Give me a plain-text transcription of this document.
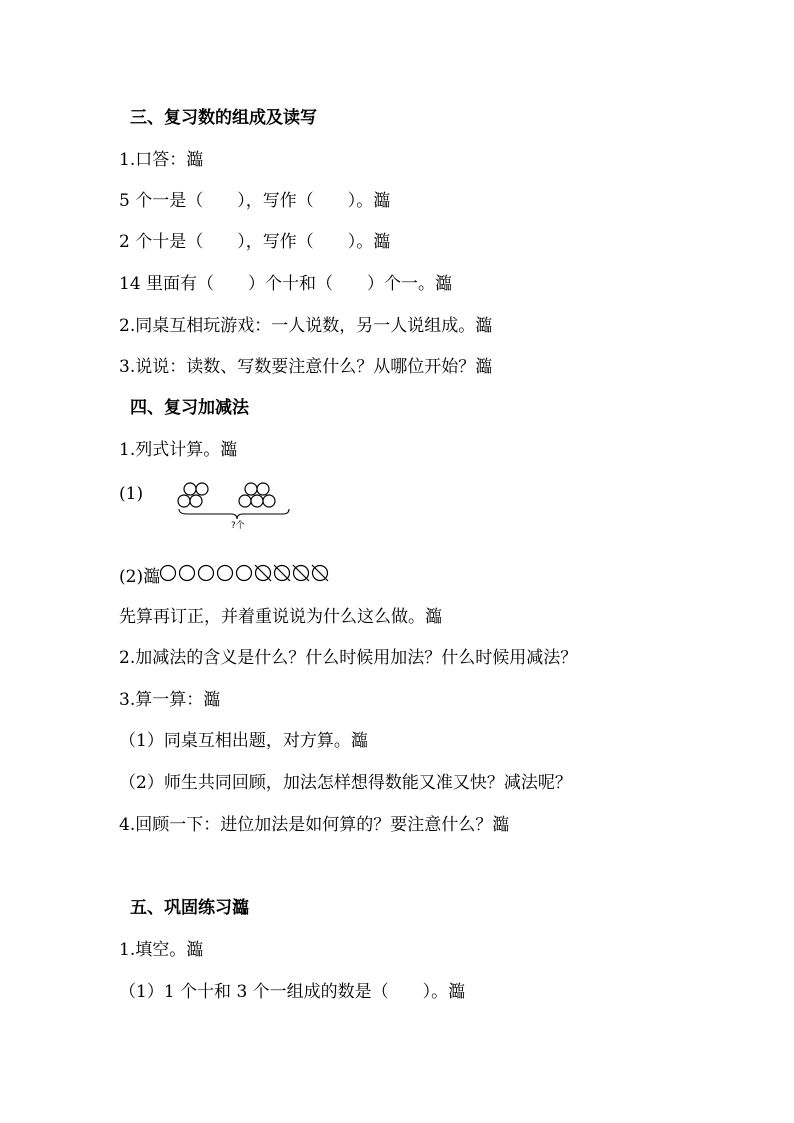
三、复习数的组成及读写
1.口答：瀶
5 个一是（　　），写作（　　）。瀶
2 个十是（　　），写作（　　）。瀶
14 里面有（　　）个十和（　　）个一。瀶
2.同桌互相玩游戏：一人说数，另一人说组成。瀶
3.说说：读数、写数要注意什么？从哪位开始？瀶
四、复习加减法
1.列式计算。瀶
(1)
?个
(2)瀶
先算再订正，并着重说说为什么这么做。瀶
2.加减法的含义是什么？什么时候用加法？什么时候用减法？
3.算一算：瀶
（1）同桌互相出题，对方算。瀶
（2）师生共同回顾，加法怎样想得数能又准又快？减法呢？
4.回顾一下：进位加法是如何算的？要注意什么？瀶
五、巩固练习瀶
1.填空。瀶
（1）1 个十和 3 个一组成的数是（　　）。瀶
